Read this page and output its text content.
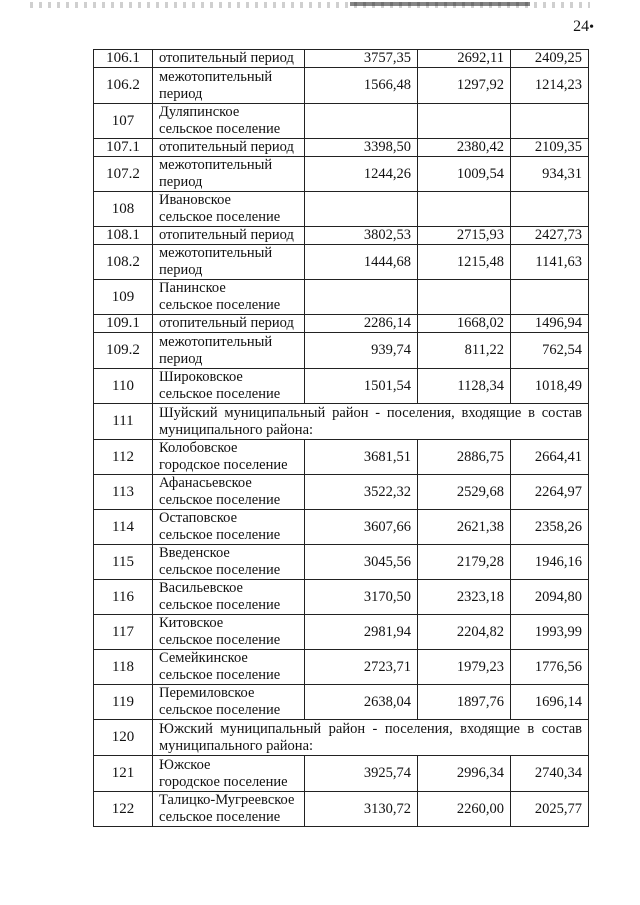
24•
106.1	отопительный период	3757,35	2692,11	2409,25
106.2	межотопительный
период	1566,48	1297,92	1214,23
107	Дуляпинское
сельское поселение			

107.1	отопительный период	3398,50	2380,42	2109,35
107.2	межотопительный
период	1244,26	1009,54	934,31
108	Ивановское
сельское поселение			

108.1	отопительный период	3802,53	2715,93	2427,73
108.2	межотопительный
период	1444,68	1215,48	1141,63
109	Панинское
сельское поселение			

109.1	отопительный период	2286,14	1668,02	1496,94
109.2	межотопительный
период	939,74	811,22	762,54
110	Широковское
сельское поселение	1501,54	1128,34	1018,49
111	Шуйский муниципальный район - поселения, входящие в состав
муниципального района:			

112	Колобовское
городское поселение	3681,51	2886,75	2664,41
113	Афанасьевское
сельское поселение	3522,32	2529,68	2264,97
114	Остаповское
сельское поселение	3607,66	2621,38	2358,26
115	Введенское
сельское поселение	3045,56	2179,28	1946,16
116	Васильевское
сельское поселение	3170,50	2323,18	2094,80
117	Китовское
сельское поселение	2981,94	2204,82	1993,99
118	Семейкинское
сельское поселение	2723,71	1979,23	1776,56
119	Перемиловское
сельское поселение	2638,04	1897,76	1696,14
120	Южский муниципальный район - поселения, входящие в состав
муниципального района:			

121	Южское
городское поселение	3925,74	2996,34	2740,34
122	Талицко-Мугреевское
сельское поселение	3130,72	2260,00	2025,77
